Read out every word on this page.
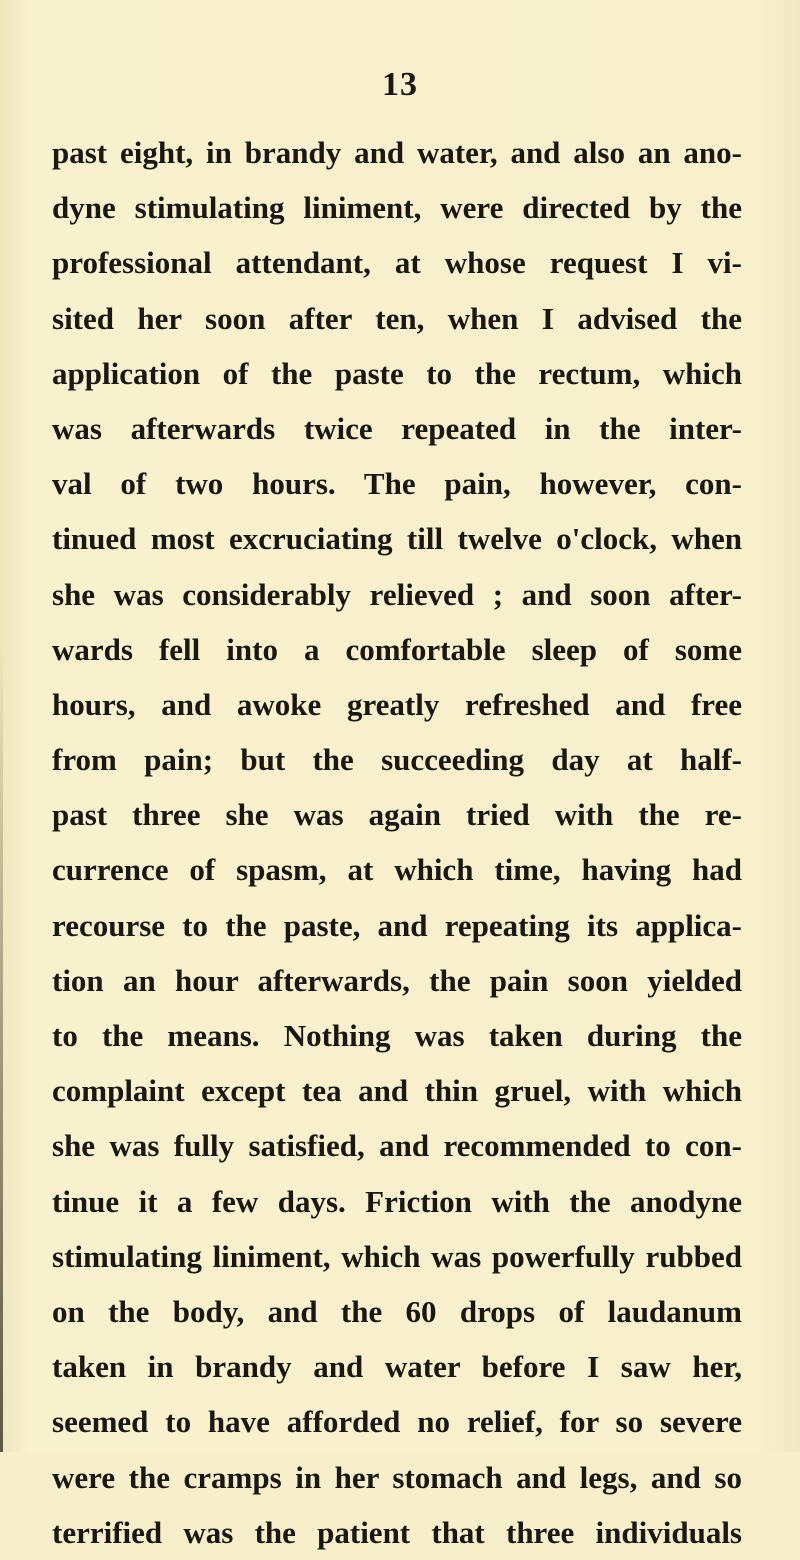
13
past eight, in brandy and water, and also an ano-
dyne stimulating liniment, were directed by the
professional attendant, at whose request I vi-
sited her soon after ten, when I advised the
application of the paste to the rectum, which
was afterwards twice repeated in the inter-
val of two hours. The pain, however, con-
tinued most excruciating till twelve o'clock, when
she was considerably relieved ; and soon after-
wards fell into a comfortable sleep of some
hours, and awoke greatly refreshed and free
from pain; but the succeeding day at half-
past three she was again tried with the re-
currence of spasm, at which time, having had
recourse to the paste, and repeating its applica-
tion an hour afterwards, the pain soon yielded
to the means. Nothing was taken during the
complaint except tea and thin gruel, with which
she was fully satisfied, and recommended to con-
tinue it a few days. Friction with the anodyne
stimulating liniment, which was powerfully rubbed
on the body, and the 60 drops of laudanum
taken in brandy and water before I saw her,
seemed to have afforded no relief, for so severe
were the cramps in her stomach and legs, and so
terrified was the patient that three individuals
